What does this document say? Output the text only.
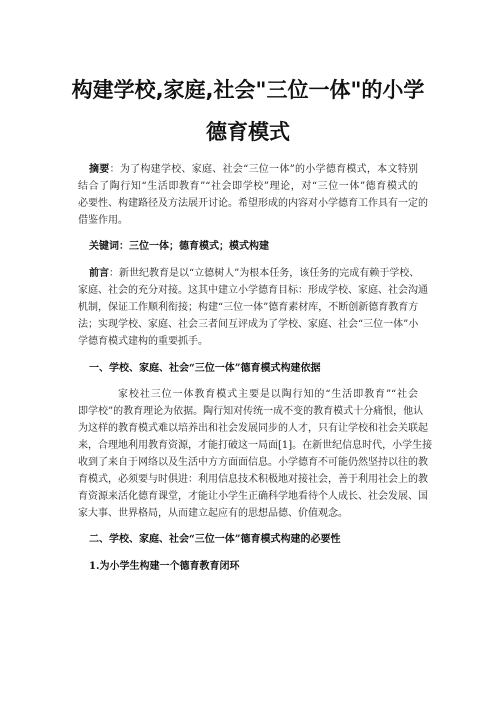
构建学校,家庭,社会"三位一体"的小学
德育模式
摘要：为了构建学校、家庭、社会“三位一体”的小学德育模式，本文特别
结合了陶行知“生活即教育”“社会即学校”理论，对“三位一体”德育模式的
必要性、构建路径及方法展开讨论。希望形成的内容对小学德育工作具有一定的
借鉴作用。
关键词：三位一体；德育模式；模式构建
前言：新世纪教育是以“立德树人”为根本任务，该任务的完成有赖于学校、
家庭、社会的充分对接。这其中建立小学德育目标：形成学校、家庭、社会沟通
机制，保证工作顺利衔接；构建“三位一体”德育素材库，不断创新德育教育方
法；实现学校、家庭、社会三者间互评成为了学校、家庭、社会“三位一体”小
学德育模式建构的重要抓手。
一、学校、家庭、社会“三位一体”德育模式构建依据
家校社三位一体教育模式主要是以陶行知的“生活即教育”“社会
即学校”的教育理论为依据。陶行知对传统一成不变的教育模式十分痛恨，他认
为这样的教育模式难以培养出和社会发展同步的人才，只有让学校和社会关联起
来，合理地利用教育资源，才能打破这一局面[1]。在新世纪信息时代，小学生接
收到了来自于网络以及生活中方方面面信息。小学德育不可能仍然坚持以往的教
育模式，必须要与时俱进：利用信息技术积极地对接社会，善于利用社会上的教
育资源来活化德育课堂，才能让小学生正确科学地看待个人成长、社会发展、国
家大事、世界格局，从而建立起应有的思想品德、价值观念。
二、学校、家庭、社会“三位一体”德育模式构建的必要性
1.为小学生构建一个德育教育闭环
